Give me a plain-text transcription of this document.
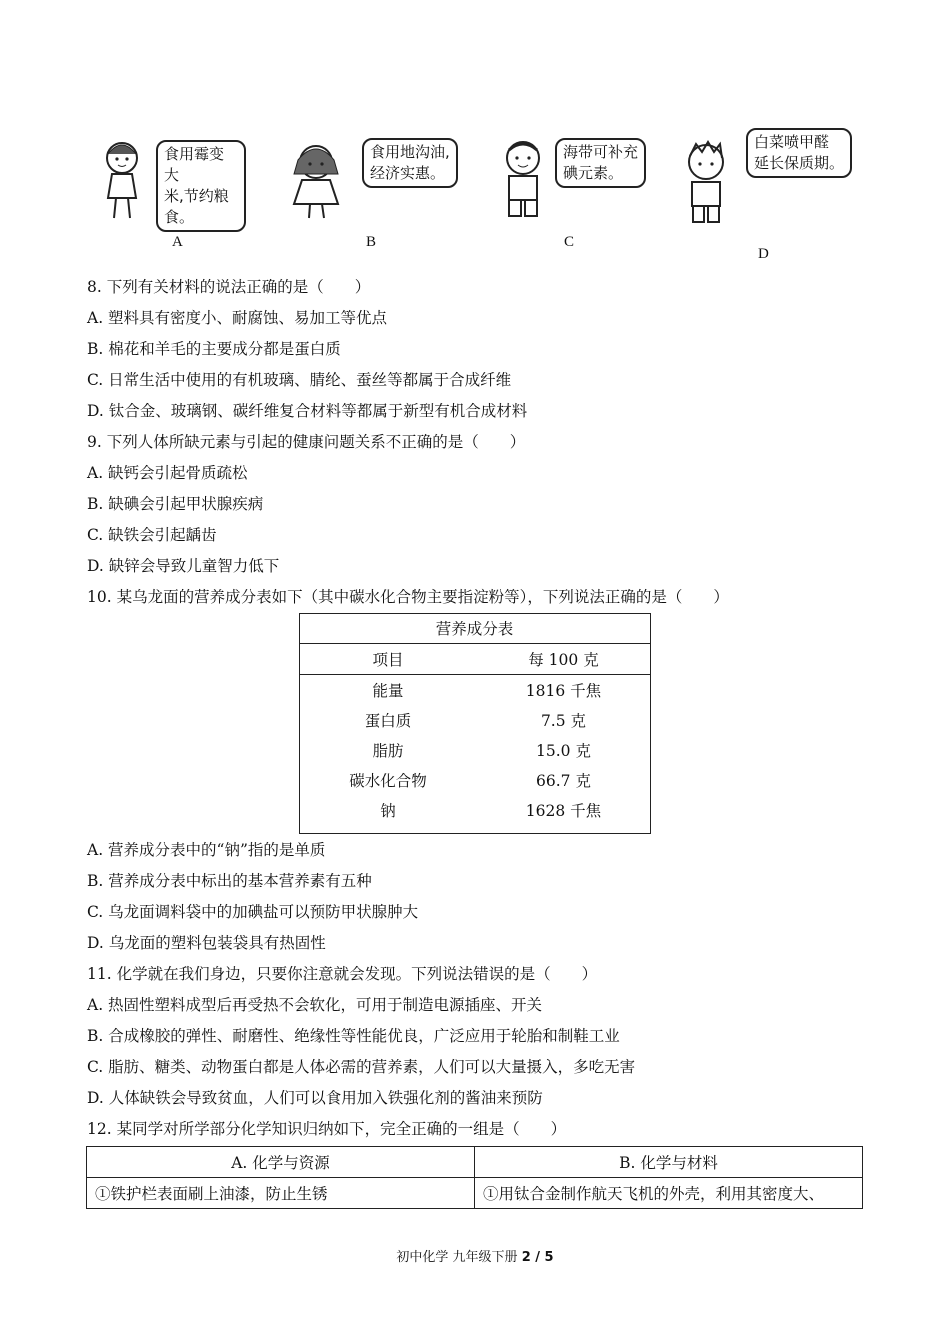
食用霉变大
米,节约粮食。
食用地沟油,
经济实惠。
海带可补充
碘元素。
白菜喷甲醛
延长保质期。
A	B	C
D
8. 下列有关材料的说法正确的是（　　）
A. 塑料具有密度小、耐腐蚀、易加工等优点
B. 棉花和羊毛的主要成分都是蛋白质
C. 日常生活中使用的有机玻璃、腈纶、蚕丝等都属于合成纤维
D. 钛合金、玻璃钢、碳纤维复合材料等都属于新型有机合成材料
9. 下列人体所缺元素与引起的健康问题关系不正确的是（　　）
A. 缺钙会引起骨质疏松
B. 缺碘会引起甲状腺疾病
C. 缺铁会引起龋齿
D. 缺锌会导致儿童智力低下
10. 某乌龙面的营养成分表如下（其中碳水化合物主要指淀粉等），下列说法正确的是（　　）
营养成分表	
项目	每 100 克
能量	1816 千焦
蛋白质	7.5 克
脂肪	15.0 克
碳水化合物	66.7 克
钠	1628 千焦
A. 营养成分表中的“钠”指的是单质
B. 营养成分表中标出的基本营养素有五种
C. 乌龙面调料袋中的加碘盐可以预防甲状腺肿大
D. 乌龙面的塑料包装袋具有热固性
11. 化学就在我们身边，只要你注意就会发现。下列说法错误的是（　　）
A. 热固性塑料成型后再受热不会软化，可用于制造电源插座、开关
B. 合成橡胶的弹性、耐磨性、绝缘性等性能优良，广泛应用于轮胎和制鞋工业
C. 脂肪、糖类、动物蛋白都是人体必需的营养素，人们可以大量摄入，多吃无害
D. 人体缺铁会导致贫血，人们可以食用加入铁强化剂的酱油来预防
12. 某同学对所学部分化学知识归纳如下，完全正确的一组是（　　）
A. 化学与资源	B. 化学与材料
①铁护栏表面刷上油漆，防止生锈	①用钛合金制作航天飞机的外壳，利用其密度大、
初中化学 九年级下册 2 / 5
